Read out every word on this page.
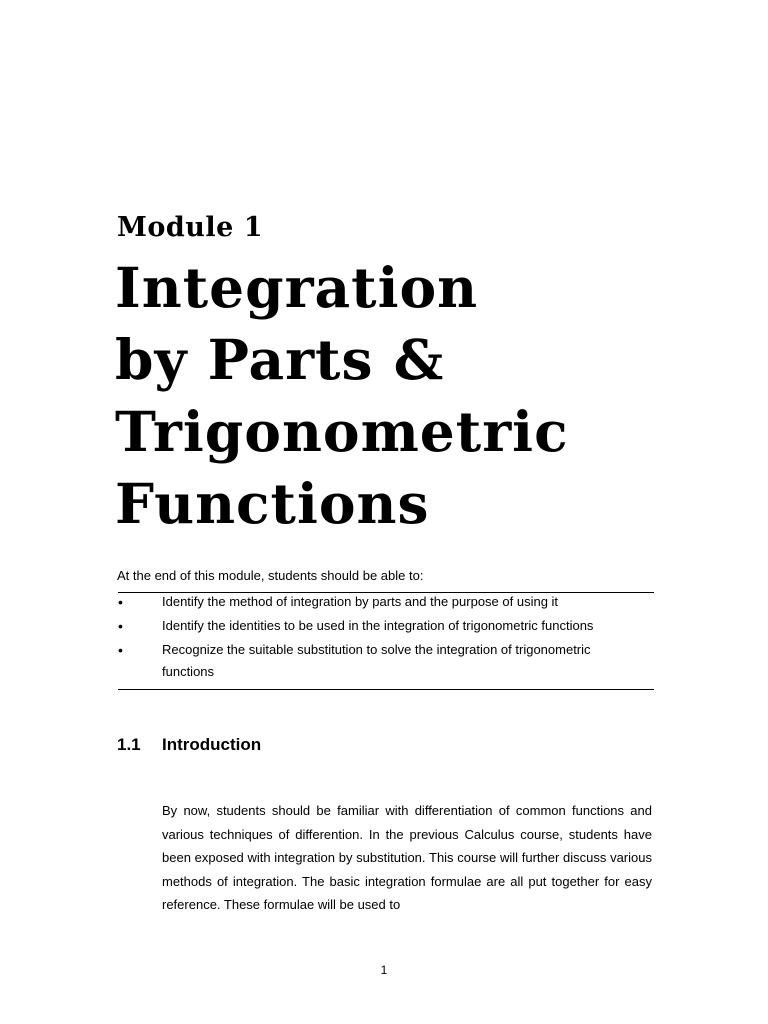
Module 1

Integration
by Parts &
Trigonometric
Functions

At the end of this module, students should be able to:

•	Identify the method of integration by parts and the purpose of using it
•	Identify the identities to be used in the integration of trigonometric functions
•	Recognize the suitable substitution to solve the integration of trigonometric functions
1.1 Introduction

By now, students should be familiar with differentiation of common functions and various techniques of differention. In the previous Calculus course, students have been exposed with integration by substitution. This course will further discuss various methods of integration. The basic integration formulae are all put together for easy reference. These formulae will be used to

1
